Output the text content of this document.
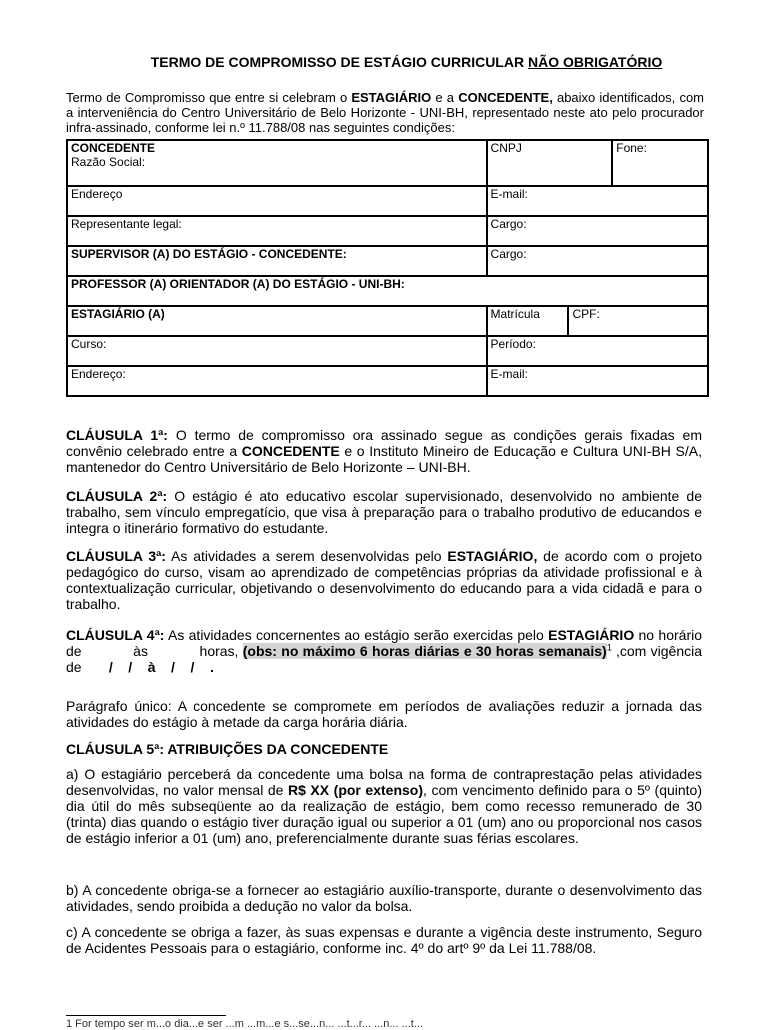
TERMO DE COMPROMISSO DE ESTÁGIO CURRICULAR NÃO OBRIGATÓRIO
Termo de Compromisso que entre si celebram o ESTAGIÁRIO e a CONCEDENTE, abaixo identificados, com a interveniência do Centro Universitário de Belo Horizonte - UNI-BH, representado neste ato pelo procurador infra-assinado, conforme lei n.º 11.788/08 nas seguintes condições:
CONCEDENTE
Razão Social:	CNPJ		Fone:
Endereço	E-mail:		
Representante legal:	Cargo:		
SUPERVISOR (A) DO ESTÁGIO - CONCEDENTE:	Cargo:		
PROFESSOR (A) ORIENTADOR (A) DO ESTÁGIO - UNI-BH:			
ESTAGIÁRIO (A)	Matrícula	CPF:	
Curso:	Período:		
Endereço:	E-mail:		
CLÁUSULA 1ª: O termo de compromisso ora assinado segue as condições gerais fixadas em convênio celebrado entre a CONCEDENTE e o Instituto Mineiro de Educação e Cultura UNI-BH S/A, mantenedor do Centro Universitário de Belo Horizonte – UNI-BH.
CLÁUSULA 2ª: O estágio é ato educativo escolar supervisionado, desenvolvido no ambiente de trabalho, sem vínculo empregatício, que visa à preparação para o trabalho produtivo de educandos e integra o itinerário formativo do estudante.
CLÁUSULA 3ª: As atividades a serem desenvolvidas pelo ESTAGIÁRIO, de acordo com o projeto pedagógico do curso, visam ao aprendizado de competências próprias da atividade profissional e à contextualização curricular, objetivando o desenvolvimento do educando para a vida cidadã e para o trabalho.
CLÁUSULA 4ª: As atividades concernentes ao estágio serão exercidas pelo ESTAGIÁRIO no horário de            às            horas, (obs: no máximo 6 horas diárias e 30 horas semanais)$^1$ ,com vigência de       /    /    à    /    /    .
Parágrafo único: A concedente se compromete em períodos de avaliações reduzir a jornada das atividades do estágio à metade da carga horária diária.
CLÁUSULA 5ª: ATRIBUIÇÕES DA CONCEDENTE
a) O estagiário perceberá da concedente uma bolsa na forma de contraprestação pelas atividades desenvolvidas, no valor mensal de R$ XX (por extenso), com vencimento definido para o 5º (quinto) dia útil do mês subseqüente ao da realização de estágio, bem como recesso remunerado de 30 (trinta) dias quando o estágio tiver duração igual ou superior a 01 (um) ano ou proporcional nos casos de estágio inferior a 01 (um) ano, preferencialmente durante suas férias escolares.
b) A concedente obriga-se a fornecer ao estagiário auxílio-transporte, durante o desenvolvimento das atividades, sendo proibida a dedução no valor da bolsa.
c) A concedente se obriga a fazer, às suas expensas e durante a vigência deste instrumento, Seguro de Acidentes Pessoais para o estagiário, conforme inc. 4º do artº 9º da Lei 11.788/08.
1 For tempo ser m...o dia...e ser ...m ...m...e s...se...n... ...t...r... ...n... ...t...
